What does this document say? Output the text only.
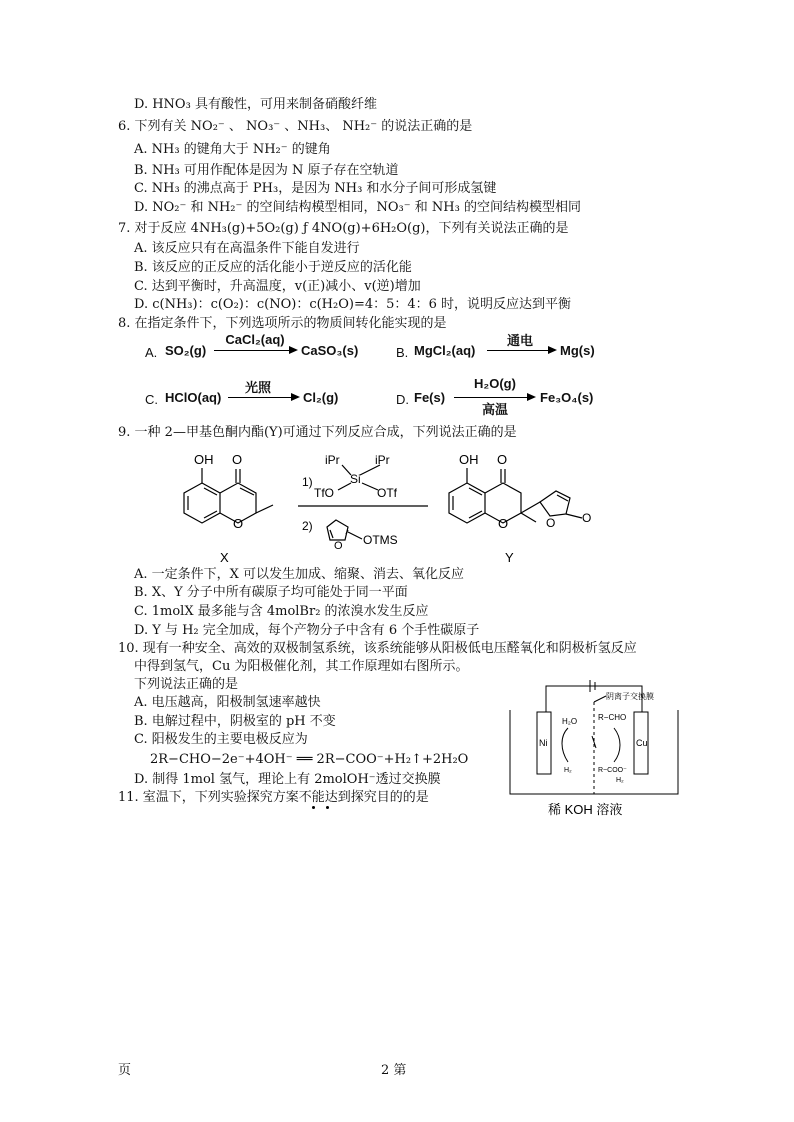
D. HNO₃ 具有酸性，可用来制备硝酸纤维
6. 下列有关 NO₂⁻ 、 NO₃⁻ 、NH₃、 NH₂⁻ 的说法正确的是
A. NH₃ 的键角大于 NH₂⁻ 的键角
B. NH₃ 可用作配体是因为 N 原子存在空轨道
C. NH₃ 的沸点高于 PH₃，是因为 NH₃ 和水分子间可形成氢键
D. NO₂⁻ 和 NH₂⁻ 的空间结构模型相同，NO₃⁻ 和 NH₃ 的空间结构模型相同
7. 对于反应 4NH₃(g)+5O₂(g) ƒ 4NO(g)+6H₂O(g)，下列有关说法正确的是
A. 该反应只有在高温条件下能自发进行
B. 该反应的正反应的活化能小于逆反应的活化能
C. 达到平衡时，升高温度，v(正)减小、v(逆)增加
D. c(NH₃)：c(O₂)：c(NO)：c(H₂O)=4：5：4：6 时，说明反应达到平衡
8. 在指定条件下，下列选项所示的物质间转化能实现的是
A. SO₂(g)
CaCl₂(aq)
CaSO₃(s)	B. MgCl₂(aq)
通电
Mg(s)
C. HClO(aq)
光照
Cl₂(g)	D. Fe(s)
H₂O(g)
高温
Fe₃O₄(s)
9. 一种 2—甲基色酮内酯(Y)可通过下列反应合成，下列说法正确的是
OH O
O
X
1)
iPr	iPr
Si
TfO	OTf
2)
O OTMS
OH O
O	O O
Y
A. 一定条件下，X 可以发生加成、缩聚、消去、氧化反应
B. X、Y 分子中所有碳原子均可能处于同一平面
C. 1molX 最多能与含 4molBr₂ 的浓溴水发生反应
D. Y 与 H₂ 完全加成，每个产物分子中含有 6 个手性碳原子
10. 现有一种安全、高效的双极制氢系统，该系统能够从阳极低电压醛氧化和阴极析氢反应
中得到氢气，Cu 为阳极催化剂，其工作原理如右图所示。
下列说法正确的是
A. 电压越高，阳极制氢速率越快
B. 电解过程中，阴极室的 pH 不变
C. 阳极发生的主要电极反应为
2R−CHO−2e⁻+4OH⁻ ══ 2R−COO⁻+H₂↑+2H₂O
D. 制得 1mol 氢气，理论上有 2molOH⁻透过交换膜
阴离子交换膜
R−CHO
H₂O
Ni	Cu
H₂	R−COO⁻
H₂
稀 KOH 溶液
11. 室温下，下列实验探究方案不能达到探究目的的是
页	2 第
